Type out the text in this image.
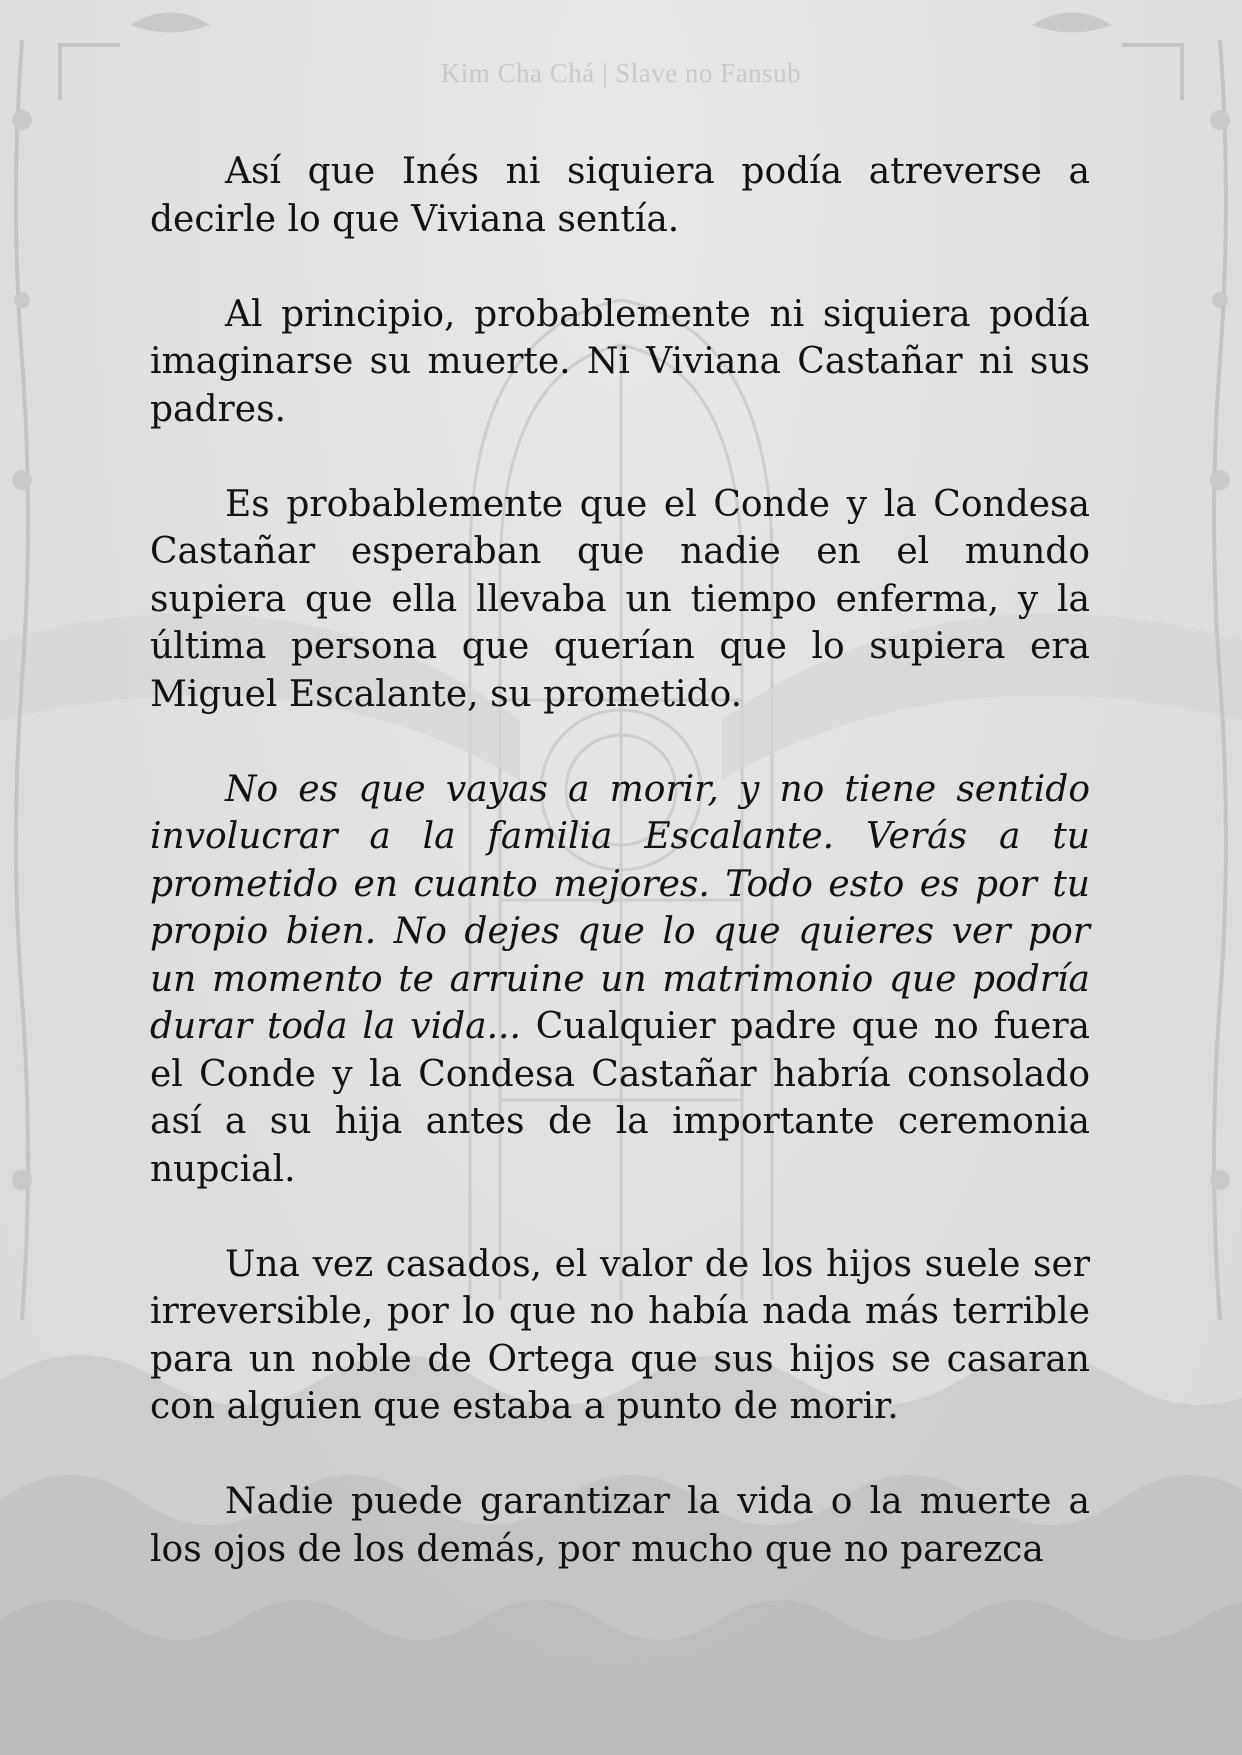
Kim Cha Chá | Slave no Fansub

Así que Inés ni siquiera podía atreverse a decirle lo que Viviana sentía.

Al principio, probablemente ni siquiera podía imaginarse su muerte. Ni Viviana Castañar ni sus padres.

Es probablemente que el Conde y la Condesa Castañar esperaban que nadie en el mundo supiera que ella llevaba un tiempo enferma, y la última persona que querían que lo supiera era Miguel Escalante, su prometido.

No es que vayas a morir, y no tiene sentido involucrar a la familia Escalante. Verás a tu prometido en cuanto mejores. Todo esto es por tu propio bien. No dejes que lo que quieres ver por un momento te arruine un matrimonio que podría durar toda la vida... Cualquier padre que no fuera el Conde y la Condesa Castañar habría consolado así a su hija antes de la importante ceremonia nupcial.

Una vez casados, el valor de los hijos suele ser irreversible, por lo que no había nada más terrible para un noble de Ortega que sus hijos se casaran con alguien que estaba a punto de morir.

Nadie puede garantizar la vida o la muerte a los ojos de los demás, por mucho que no parezca
